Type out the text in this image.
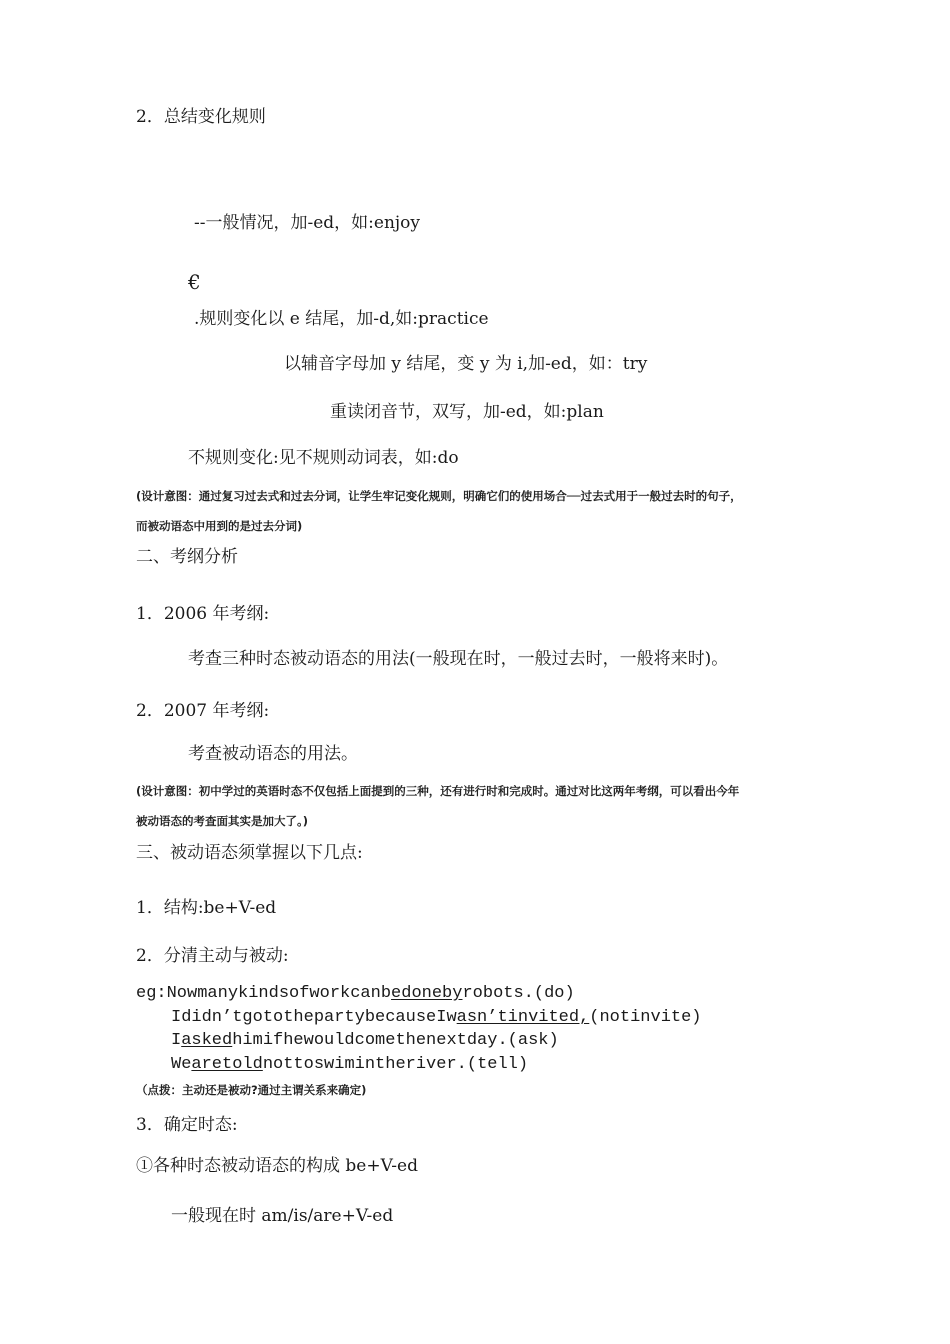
2．总结变化规则
--一般情况，加-ed，如:enjoy
€
.规则变化以 e 结尾，加-d,如:practice
以辅音字母加 y 结尾，变 y 为 i,加-ed，如：try
重读闭音节，双写，加-ed，如:plan
不规则变化:见不规则动词表，如:do
(设计意图：通过复习过去式和过去分词，让学生牢记变化规则，明确它们的使用场合──过去式用于一般过去时的句子，
而被动语态中用到的是过去分词)
二、考纲分析
1．2006 年考纲:
考查三种时态被动语态的用法(一般现在时，一般过去时，一般将来时)。
2．2007 年考纲:
考查被动语态的用法。
(设计意图：初中学过的英语时态不仅包括上面提到的三种，还有进行时和完成时。通过对比这两年考纲，可以看出今年
被动语态的考查面其实是加大了。)
三、被动语态须掌握以下几点:
1．结构:be+V-ed
2．分清主动与被动:
eg:Nowmanykindsofworkcanbedonebyrobots.(do)
Ididn’tgotothepartybecauseIwasn’tinvited,(notinvite)
Iaskedhimifhewouldcomethenextday.(ask)
Wearetoldnottoswimintheriver.(tell)
（点拨：主动还是被动?通过主谓关系来确定)
3．确定时态:
①各种时态被动语态的构成 be+V-ed
一般现在时 am/is/are+V-ed
